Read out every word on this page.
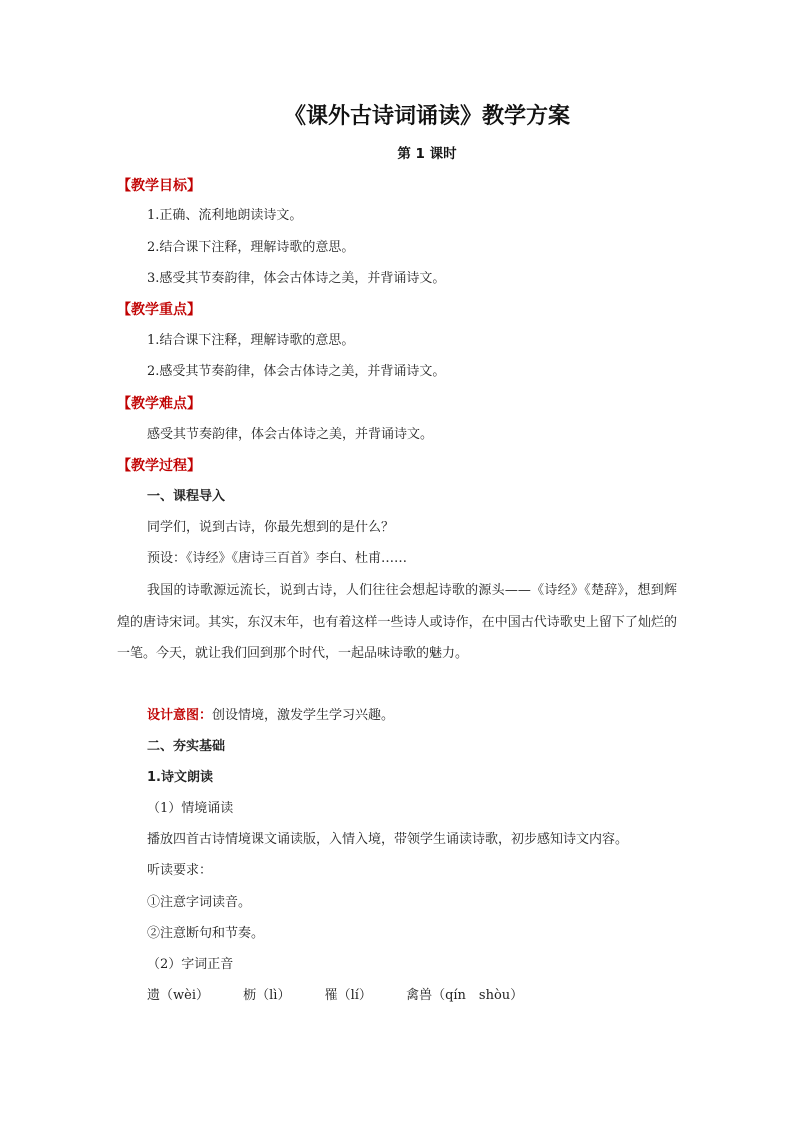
《课外古诗词诵读》教学方案
第 1 课时
【教学目标】
1.正确、流利地朗读诗文。
2.结合课下注释，理解诗歌的意思。
3.感受其节奏韵律，体会古体诗之美，并背诵诗文。
【教学重点】
1.结合课下注释，理解诗歌的意思。
2.感受其节奏韵律，体会古体诗之美，并背诵诗文。
【教学难点】
感受其节奏韵律，体会古体诗之美，并背诵诗文。
【教学过程】
一、课程导入
同学们，说到古诗，你最先想到的是什么？
预设：《诗经》《唐诗三百首》李白、杜甫……
我国的诗歌源远流长，说到古诗，人们往往会想起诗歌的源头——《诗经》《楚辞》，想到辉煌的唐诗宋词。其实，东汉末年，也有着这样一些诗人或诗作，在中国古代诗歌史上留下了灿烂的一笔。今天，就让我们回到那个时代，一起品味诗歌的魅力。
设计意图：创设情境，激发学生学习兴趣。
二、夯实基础
1.诗文朗读
（1）情境诵读
播放四首古诗情境课文诵读版，入情入境，带领学生诵读诗歌，初步感知诗文内容。
听读要求：
①注意字词读音。
②注意断句和节奏。
（2）字词正音
遗（wèi）	枥（lì）	罹（lí）	禽兽（qín　shòu）
